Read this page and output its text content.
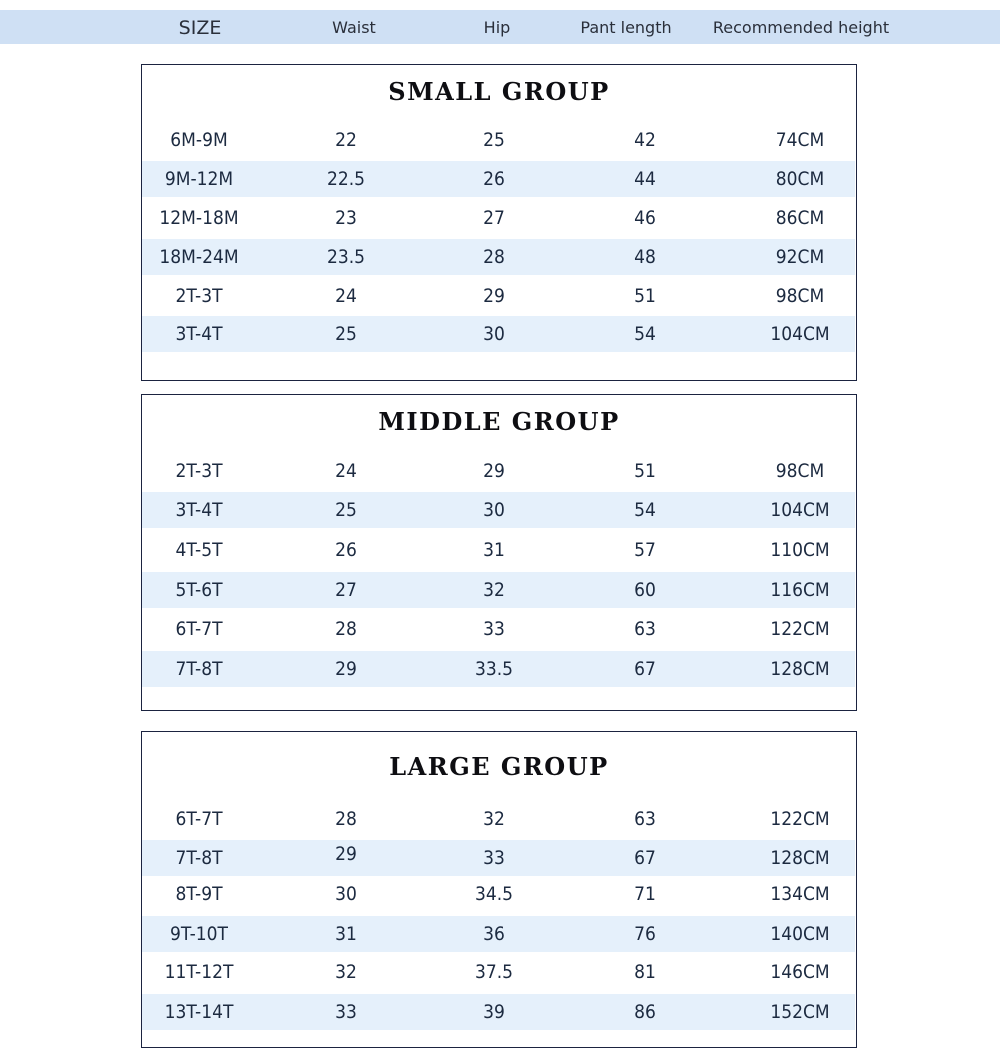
SIZE	Waist	Hip	Pant length	Recommended height
SMALL GROUP
6M-9M	22	25	42	74CM
9M-12M	22.5	26	44	80CM
12M-18M	23	27	46	86CM
18M-24M	23.5	28	48	92CM
2T-3T	24	29	51	98CM
3T-4T	25	30	54	104CM
MIDDLE GROUP
2T-3T	24	29	51	98CM
3T-4T	25	30	54	104CM
4T-5T	26	31	57	110CM
5T-6T	27	32	60	116CM
6T-7T	28	33	63	122CM
7T-8T	29	33.5	67	128CM
LARGE GROUP
6T-7T	28	32	63	122CM
7T-8T	29	33	67	128CM
8T-9T	30	34.5	71	134CM
9T-10T	31	36	76	140CM
11T-12T	32	37.5	81	146CM
13T-14T	33	39	86	152CM
